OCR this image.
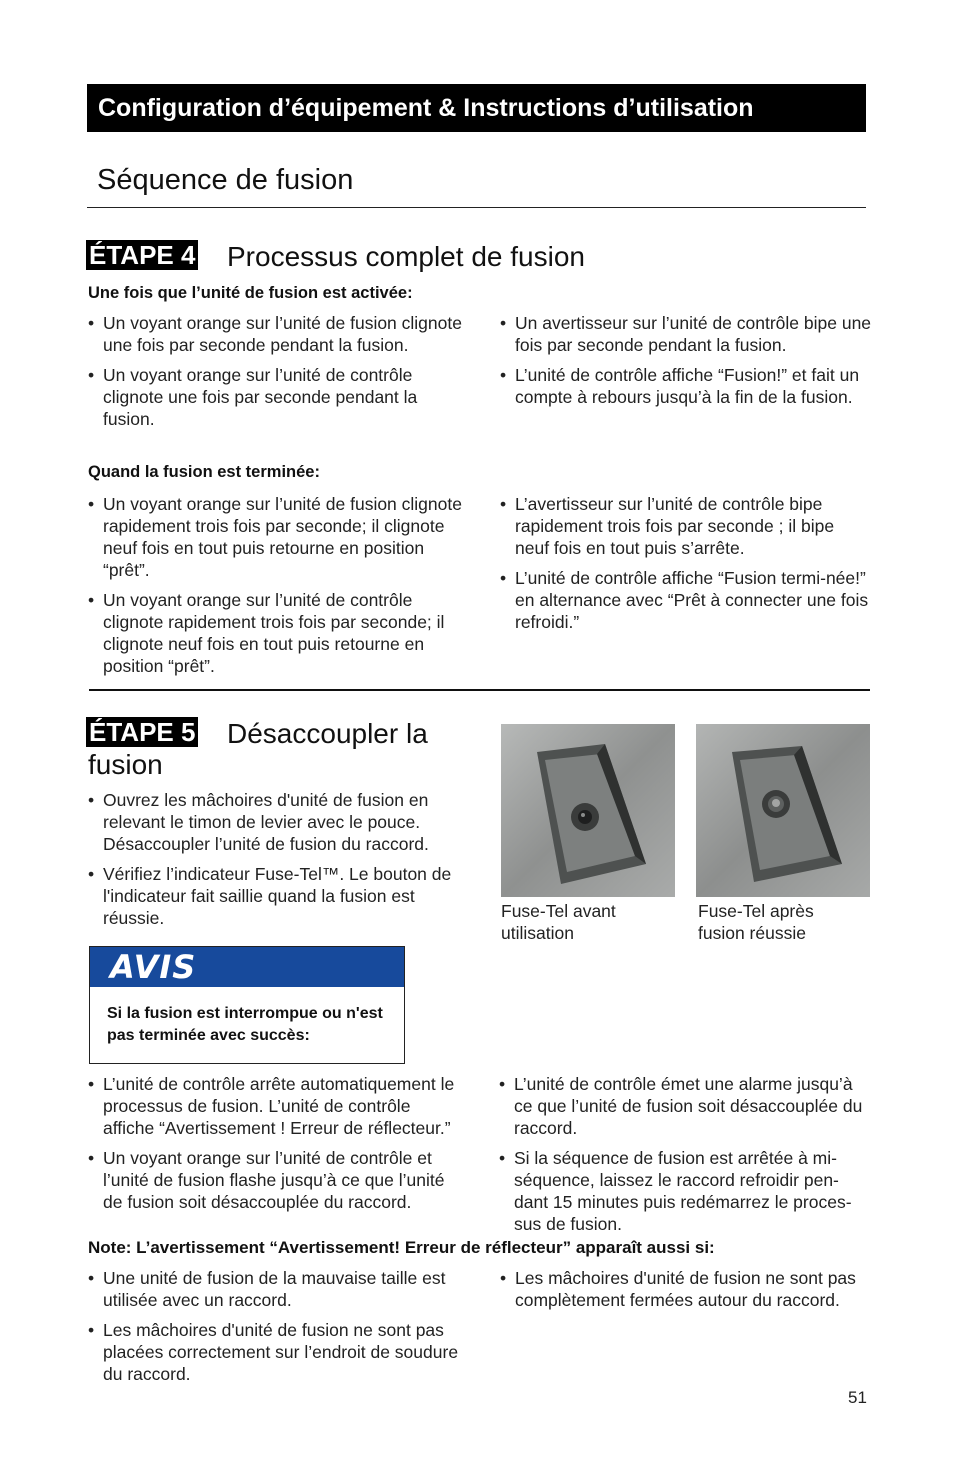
Configuration d’équipement & Instructions d’utilisation
Séquence de fusion
ÉTAPE 4 Processus complet de fusion
Une fois que l’unité de fusion est activée:
• Un voyant orange sur l’unité de fusion clignote une fois par seconde pendant la fusion.
• Un voyant orange sur l’unité de contrôle clignote une fois par seconde pendant la fusion.
• Un avertisseur sur l’unité de contrôle bipe une fois par seconde pendant la fusion.
• L’unité de contrôle affiche “Fusion!” et fait un compte à rebours jusqu’à la fin de la fusion.
Quand la fusion est terminée:
• Un voyant orange sur l’unité de fusion clignote rapidement trois fois par seconde; il clignote neuf fois en tout puis retourne en position “prêt”.
• Un voyant orange sur l’unité de contrôle clignote rapidement trois fois par seconde; il clignote neuf fois en tout puis retourne en position “prêt”.
• L’avertisseur sur l’unité de contrôle bipe rapidement trois fois par seconde ; il bipe neuf fois en tout puis s’arrête.
• L’unité de contrôle affiche “Fusion termi-née!” en alternance avec “Prêt à connecter une fois refroidi.”
ÉTAPE 5 Désaccoupler la
fusion
• Ouvrez les mâchoires d'unité de fusion en relevant le timon de levier avec le pouce. Désaccoupler l’unité de fusion du raccord.
• Vérifiez l’indicateur Fuse-Tel™. Le bouton de l'indicateur fait saillie quand la fusion est réussie.	Fuse-Tel avant
utilisation
Fuse-Tel après
fusion réussie
AVIS
Si la fusion est interrompue ou n'est pas terminée avec succès:
• L’unité de contrôle arrête automatiquement le processus de fusion. L’unité de contrôle affiche “Avertissement ! Erreur de réflecteur.”
• Un voyant orange sur l’unité de contrôle et l’unité de fusion flashe jusqu’à ce que l’unité de fusion soit désaccouplée du raccord.
• L’unité de contrôle émet une alarme jusqu’à ce que l’unité de fusion soit désaccouplée du raccord.
• Si la séquence de fusion est arrêtée à mi-séquence, laissez le raccord refroidir pen-dant 15 minutes puis redémarrez le proces-sus de fusion.
Note: L’avertissement “Avertissement! Erreur de réflecteur” apparaît aussi si:
• Une unité de fusion de la mauvaise taille est utilisée avec un raccord.
• Les mâchoires d'unité de fusion ne sont pas placées correctement sur l’endroit de soudure du raccord.
• Les mâchoires d'unité de fusion ne sont pas complètement fermées autour du raccord.
51
